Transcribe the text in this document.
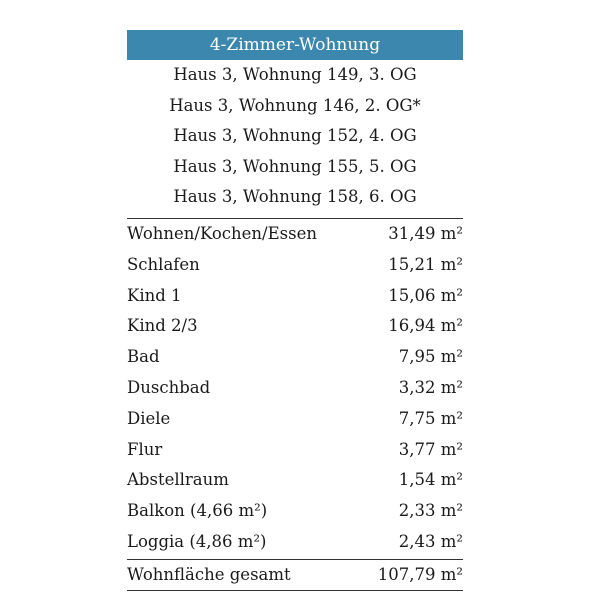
4-Zimmer-Wohnung
Haus 3, Wohnung 149, 3. OG
Haus 3, Wohnung 146, 2. OG*
Haus 3, Wohnung 152, 4. OG
Haus 3, Wohnung 155, 5. OG
Haus 3, Wohnung 158, 6. OG
Wohnen/Kochen/Essen	31,49 m²
Schlafen	15,21 m²
Kind 1	15,06 m²
Kind 2/3	16,94 m²
Bad	7,95 m²
Duschbad	3,32 m²
Diele	7,75 m²
Flur	3,77 m²
Abstellraum	1,54 m²
Balkon (4,66 m²)	2,33 m²
Loggia (4,86 m²)	2,43 m²
Wohnfläche gesamt	107,79 m²
